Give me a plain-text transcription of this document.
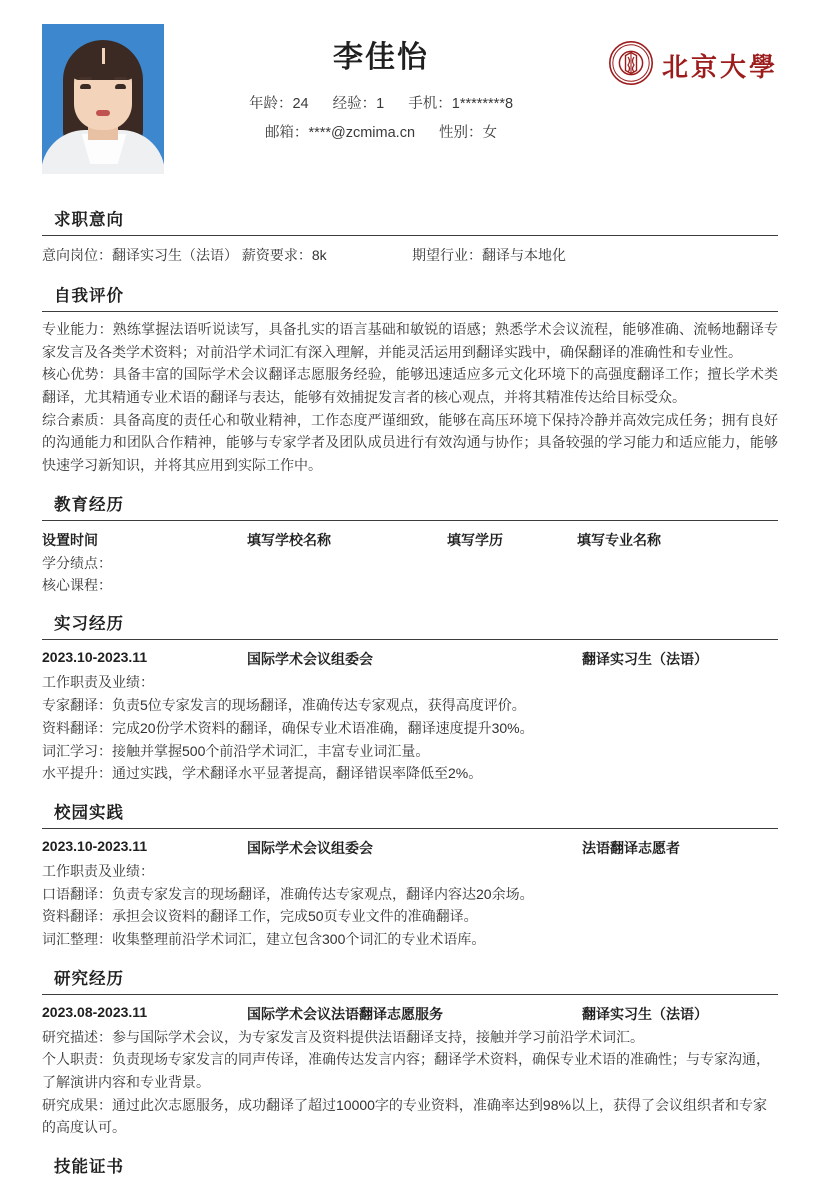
李佳怡
年龄：24 经验：1 手机：1********8
邮箱：****@zcmima.cn 性别：女
北京大學
求职意向
意向岗位：翻译实习生（法语） 薪资要求：8k	期望行业：翻译与本地化
自我评价
专业能力：熟练掌握法语听说读写，具备扎实的语言基础和敏锐的语感；熟悉学术会议流程，能够准确、流畅地翻译专家发言及各类学术资料；对前沿学术词汇有深入理解，并能灵活运用到翻译实践中，确保翻译的准确性和专业性。
核心优势：具备丰富的国际学术会议翻译志愿服务经验，能够迅速适应多元文化环境下的高强度翻译工作；擅长学术类翻译，尤其精通专业术语的翻译与表达，能够有效捕捉发言者的核心观点，并将其精准传达给目标受众。
综合素质：具备高度的责任心和敬业精神，工作态度严谨细致，能够在高压环境下保持冷静并高效完成任务；拥有良好的沟通能力和团队合作精神，能够与专家学者及团队成员进行有效沟通与协作；具备较强的学习能力和适应能力，能够快速学习新知识，并将其应用到实际工作中。
教育经历
设置时间	填写学校名称	填写学历	填写专业名称
学分绩点：
核心课程：
实习经历
2023.10-2023.11	国际学术会议组委会	翻译实习生（法语）

工作职责及业绩：

专家翻译：负责5位专家发言的现场翻译，准确传达专家观点，获得高度评价。

资料翻译：完成20份学术资料的翻译，确保专业术语准确，翻译速度提升30%。

词汇学习：接触并掌握500个前沿学术词汇，丰富专业词汇量。

水平提升：通过实践，学术翻译水平显著提高，翻译错误率降低至2%。

校园实践
2023.10-2023.11	国际学术会议组委会	法语翻译志愿者

工作职责及业绩：

口语翻译：负责专家发言的现场翻译，准确传达专家观点，翻译内容达20余场。

资料翻译：承担会议资料的翻译工作，完成50页专业文件的准确翻译。

词汇整理：收集整理前沿学术词汇，建立包含300个词汇的专业术语库。

研究经历
2023.08-2023.11	国际学术会议法语翻译志愿服务	翻译实习生（法语）

研究描述：参与国际学术会议，为专家发言及资料提供法语翻译支持，接触并学习前沿学术词汇。

个人职责：负责现场专家发言的同声传译，准确传达发言内容；翻译学术资料，确保专业术语的准确性；与专家沟通，了解演讲内容和专业背景。

研究成果：通过此次志愿服务，成功翻译了超过10000字的专业资料，准确率达到98%以上，获得了会议组织者和专家的高度认可。

技能证书
